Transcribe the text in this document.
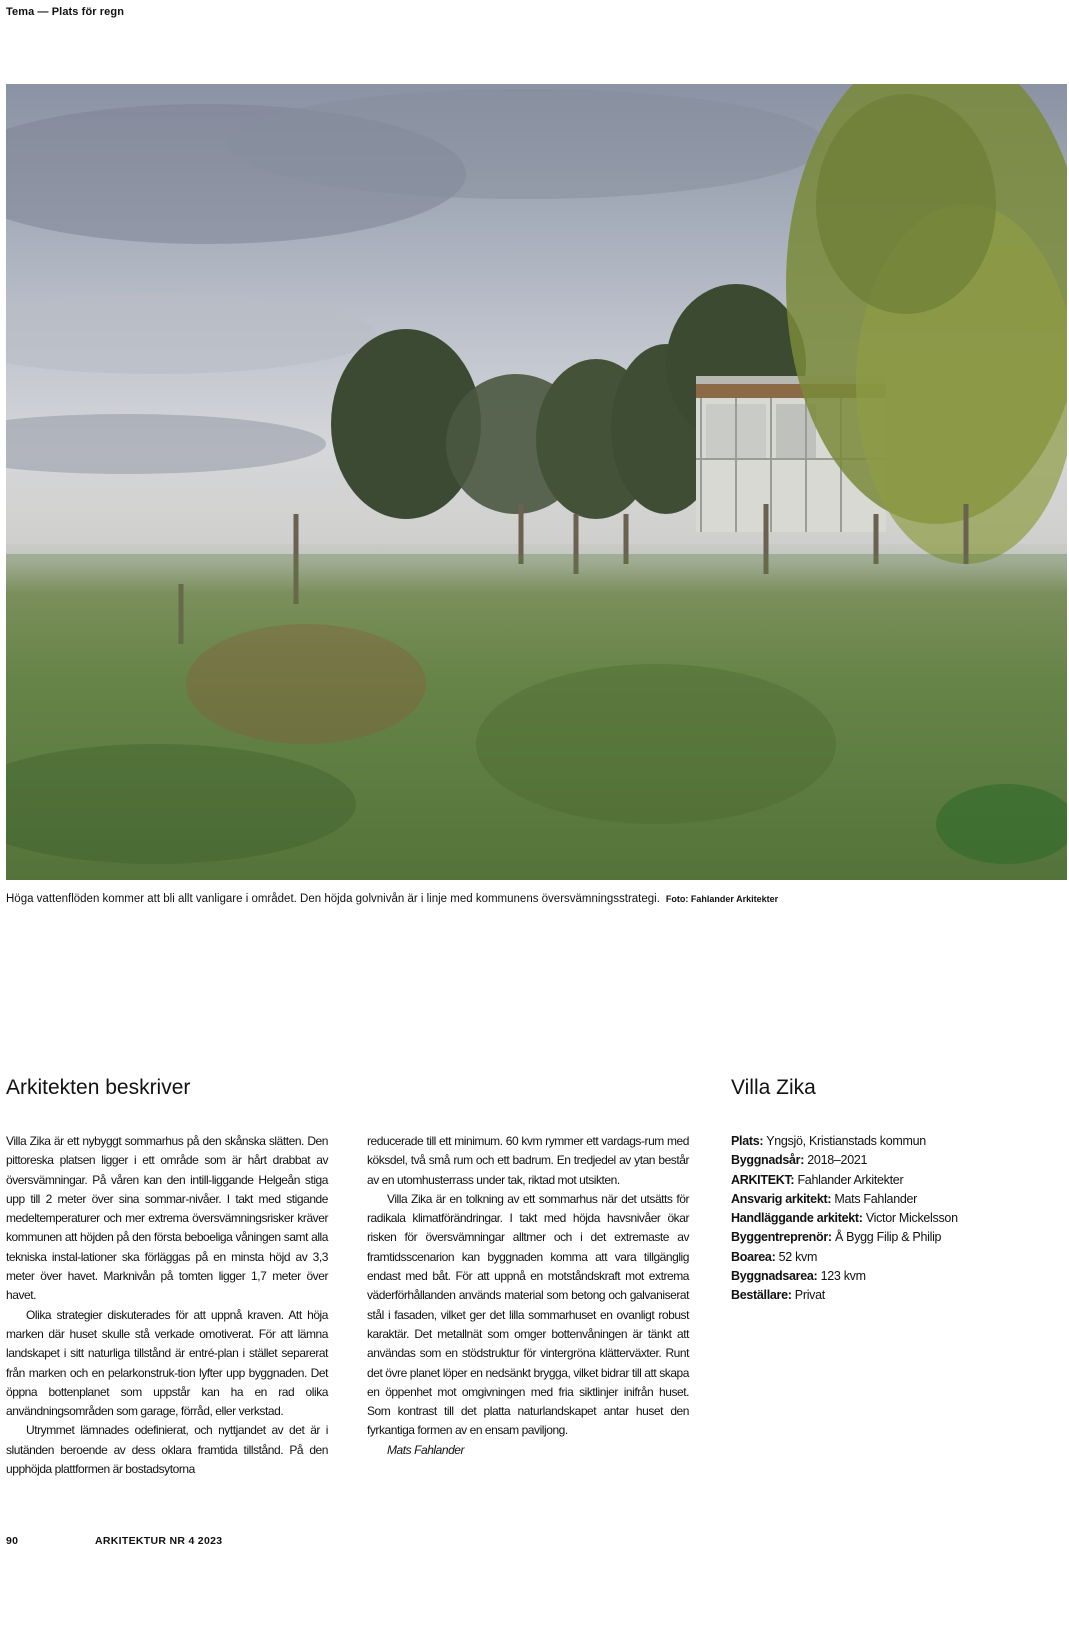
Tema — Plats för regn
Höga vattenflöden kommer att bli allt vanligare i området. Den höjda golvnivån är i linje med kommunens översvämningsstrategi. Foto: Fahlander Arkitekter
Arkitekten beskriver	Villa Zika

Villa Zika är ett nybyggt sommarhus på den skånska slätten. Den pittoreska platsen ligger i ett område som är hårt drabbat av översvämningar. På våren kan den intill-liggande Helgeån stiga upp till 2 meter över sina sommar-nivåer. I takt med stigande medeltemperaturer och mer extrema översvämningsrisker kräver kommunen att höjden på den första beboeliga våningen samt alla tekniska instal-lationer ska förläggas på en minsta höjd av 3,3 meter över havet. Marknivån på tomten ligger 1,7 meter över havet.

Olika strategier diskuterades för att uppnå kraven. Att höja marken där huset skulle stå verkade omotiverat. För att lämna landskapet i sitt naturliga tillstånd är entré-plan i stället separerat från marken och en pelarkonstruk-tion lyfter upp byggnaden. Det öppna bottenplanet som uppstår kan ha en rad olika användningsområden som garage, förråd, eller verkstad.

Utrymmet lämnades odefinierat, och nyttjandet av det är i slutänden beroende av dess oklara framtida tillstånd. På den upphöjda plattformen är bostadsytorna

reducerade till ett minimum. 60 kvm rymmer ett vardags-rum med köksdel, två små rum och ett badrum. En tredjedel av ytan består av en utomhusterrass under tak, riktad mot utsikten.

Villa Zika är en tolkning av ett sommarhus när det utsätts för radikala klimatförändringar. I takt med höjda havsnivåer ökar risken för översvämningar alltmer och i det extremaste av framtidsscenarion kan byggnaden komma att vara tillgänglig endast med båt. För att uppnå en motståndskraft mot extrema väderförhållanden används material som betong och galvaniserat stål i fasaden, vilket ger det lilla sommarhuset en ovanligt robust karaktär. Det metallnät som omger bottenvåningen är tänkt att användas som en stödstruktur för vintergröna klätterväxter. Runt det övre planet löper en nedsänkt brygga, vilket bidrar till att skapa en öppenhet mot omgivningen med fria siktlinjer inifrån huset. Som kontrast till det platta naturlandskapet antar huset den fyrkantiga formen av en ensam paviljong.

Mats Fahlander

Plats: Yngsjö, Kristianstads kommun
Byggnadsår: 2018–2021
ARKITEKT: Fahlander Arkitekter
Ansvarig arkitekt: Mats Fahlander
Handläggande arkitekt: Victor Mickelsson
Byggentreprenör: Å Bygg Filip & Philip
Boarea: 52 kvm
Byggnadsarea: 123 kvm
Beställare: Privat
90	ARKITEKTUR NR 4 2023
